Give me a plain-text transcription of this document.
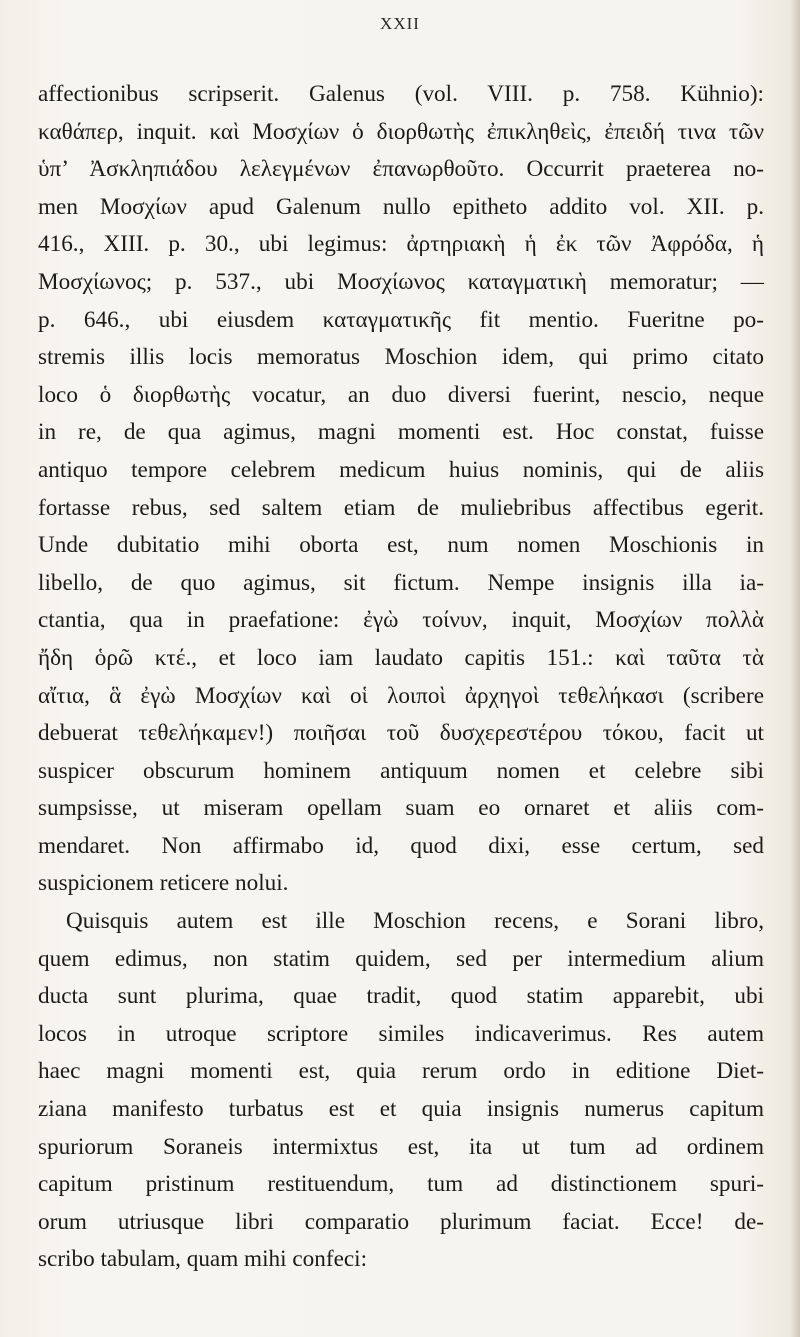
XXII
affectionibus scripserit. Galenus (vol. VIII. p. 758. Kühnio):
καθάπερ, inquit. καὶ Μοσχίων ὁ διορθωτὴς ἐπικληθεὶς, ἐπειδή τινα τῶν
ὑπ’ Ἀσκληπιάδου λελεγμένων ἐπανωρθοῦτο. Occurrit praeterea no-
men Μοσχίων apud Galenum nullo epitheto addito vol. XII. p.
416., XIII. p. 30., ubi legimus: ἀρτηριακὴ ἡ ἐκ τῶν Ἀφρόδα, ἡ
Μοσχίωνος; p. 537., ubi Μοσχίωνος καταγματικὴ memoratur; —
p. 646., ubi eiusdem καταγματικῆς fit mentio. Fueritne po-
stremis illis locis memoratus Moschion idem, qui primo citato
loco ὁ διορθωτὴς vocatur, an duo diversi fuerint, nescio, neque
in re, de qua agimus, magni momenti est. Hoc constat, fuisse
antiquo tempore celebrem medicum huius nominis, qui de aliis
fortasse rebus, sed saltem etiam de muliebribus affectibus egerit.
Unde dubitatio mihi oborta est, num nomen Moschionis in
libello, de quo agimus, sit fictum. Nempe insignis illa ia-
ctantia, qua in praefatione: ἐγὼ τοίνυν, inquit, Μοσχίων πολλὰ
ἤδη ὁρῶ κτέ., et loco iam laudato capitis 151.: καὶ ταῦτα τὰ
αἴτια, ἃ ἐγὼ Μοσχίων καὶ οἱ λοιποὶ ἀρχηγοὶ τεθελήκασι (scribere
debuerat τεθελήκαμεν!) ποιῆσαι τοῦ δυσχερεστέρου τόκου, facit ut
suspicer obscurum hominem antiquum nomen et celebre sibi
sumpsisse, ut miseram opellam suam eo ornaret et aliis com-
mendaret. Non affirmabo id, quod dixi, esse certum, sed
suspicionem reticere nolui.
Quisquis autem est ille Moschion recens, e Sorani libro,
quem edimus, non statim quidem, sed per intermedium alium
ducta sunt plurima, quae tradit, quod statim apparebit, ubi
locos in utroque scriptore similes indicaverimus. Res autem
haec magni momenti est, quia rerum ordo in editione Diet-
ziana manifesto turbatus est et quia insignis numerus capitum
spuriorum Soraneis intermixtus est, ita ut tum ad ordinem
capitum pristinum restituendum, tum ad distinctionem spuri-
orum utriusque libri comparatio plurimum faciat. Ecce! de-
scribo tabulam, quam mihi confeci:
